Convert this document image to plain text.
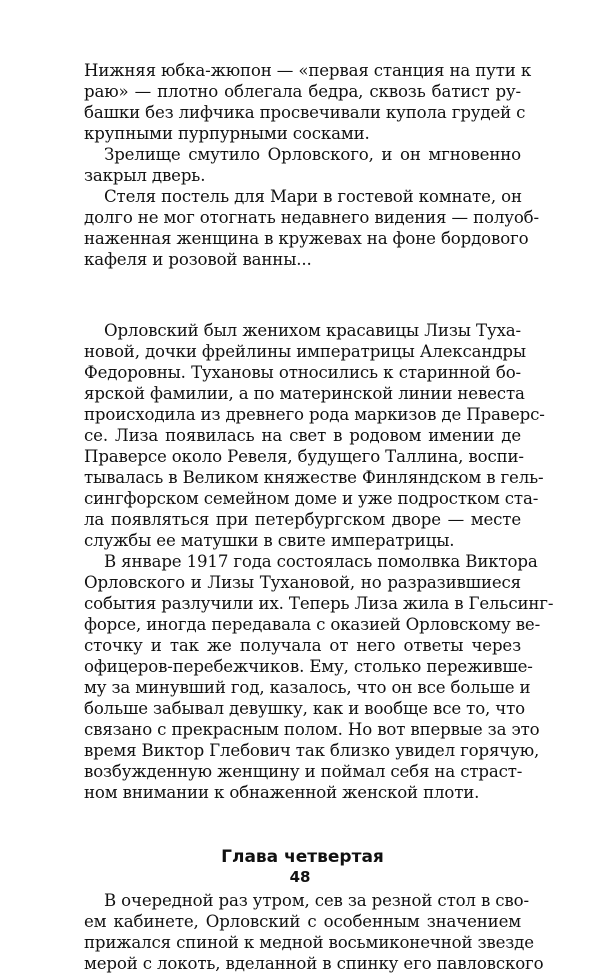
Нижняя юбка-жюпон — «первая станция на пути к
раю» — плотно облегала бедра, сквозь батист ру-
башки без лифчика просвечивали купола грудей с
крупными пурпурными сосками.
Зрелище смутило Орловского, и он мгновенно
закрыл дверь.
Стеля постель для Мари в гостевой комнате, он
долго не мог отогнать недавнего видения — полуоб-
наженная женщина в кружевах на фоне бордового
кафеля и розовой ванны...
Орловский был женихом красавицы Лизы Туха-
новой, дочки фрейлины императрицы Александры
Федоровны. Тухановы относились к старинной бо-
ярской фамилии, а по материнской линии невеста
происходила из древнего рода маркизов де Праверс-
се. Лиза появилась на свет в родовом имении де
Праверсе около Ревеля, будущего Таллина, воспи-
тывалась в Великом княжестве Финляндском в гель-
сингфорском семейном доме и уже подростком ста-
ла появляться при петербургском дворе — месте
службы ее матушки в свите императрицы.
В январе 1917 года состоялась помолвка Виктора
Орловского и Лизы Тухановой, но разразившиеся
события разлучили их. Теперь Лиза жила в Гельсинг-
форсе, иногда передавала с оказией Орловскому ве-
сточку и так же получала от него ответы через
офицеров-перебежчиков. Ему, столько пережившe-
му за минувший год, казалось, что он все больше и
больше забывал девушку, как и вообще все то, что
связано с прекрасным полом. Но вот впервые за это
время Виктор Глебович так близко увидел горячую,
возбужденную женщину и поймал себя на страст-
ном внимании к обнаженной женской плоти.
Глава четвертая
В очередной раз утром, сев за резной стол в сво-
ем кабинете, Орловский с особенным значением
прижался спиной к медной восьмиконечной звезде
мерой с локоть, вделанной в спинку его павловского
48
